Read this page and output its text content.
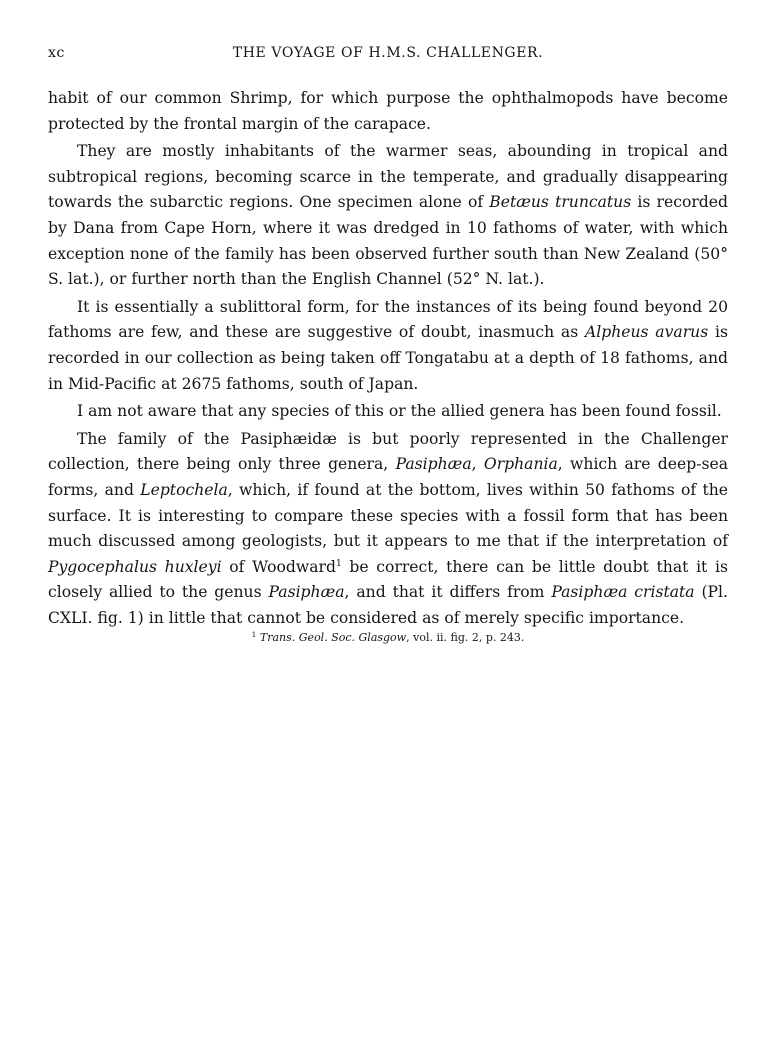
xc	THE VOYAGE OF H.M.S. CHALLENGER.

habit of our common Shrimp, for which purpose the ophthalmopods have become protected by the frontal margin of the carapace.

They are mostly inhabitants of the warmer seas, abounding in tropical and subtropical regions, becoming scarce in the temperate, and gradually disappearing towards the subarctic regions. One specimen alone of Betæus truncatus is recorded by Dana from Cape Horn, where it was dredged in 10 fathoms of water, with which exception none of the family has been observed further south than New Zealand (50° S. lat.), or further north than the English Channel (52° N. lat.).

It is essentially a sublittoral form, for the instances of its being found beyond 20 fathoms are few, and these are suggestive of doubt, inasmuch as Alpheus avarus is recorded in our collection as being taken off Tongatabu at a depth of 18 fathoms, and in Mid-Pacific at 2675 fathoms, south of Japan.

I am not aware that any species of this or the allied genera has been found fossil.

The family of the Pasiphæidæ is but poorly represented in the Challenger collection, there being only three genera, Pasiphæa, Orphania, which are deep-sea forms, and Leptochela, which, if found at the bottom, lives within 50 fathoms of the surface. It is interesting to compare these species with a fossil form that has been much discussed among geologists, but it appears to me that if the interpretation of Pygocephalus huxleyi of Woodward$^1$ be correct, there can be little doubt that it is closely allied to the genus Pasiphæa, and that it differs from Pasiphæa cristata (Pl. CXLI. fig. 1) in little that cannot be considered as of merely specific importance.

$^1$ Trans. Geol. Soc. Glasgow, vol. ii. fig. 2, p. 243.
